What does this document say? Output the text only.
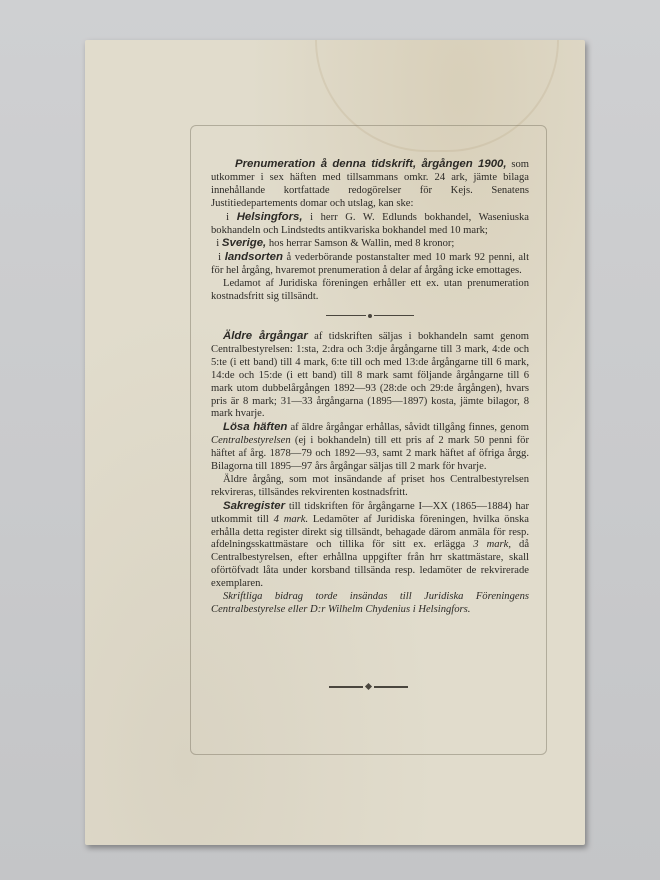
Prenumeration å denna tidskrift, årgången 1900, som utkommer i sex häften med tillsammans omkr. 24 ark, jämte bilaga innehållande kortfattade redogörelser för Kejs. Senatens Justitiedepartements domar och utslag, kan ske:

i Helsingfors, i herr G. W. Edlunds bokhandel, Waseniuska bokhandeln och Lindstedts antikvariska bokhandel med 10 mark;

i Sverige, hos herrar Samson & Wallin, med 8 kronor;

i landsorten å vederbörande postanstalter med 10 mark 92 penni, alt för hel årgång, hvaremot prenumeration å delar af årgång icke emottages.

Ledamot af Juridiska föreningen erhåller ett ex. utan prenumeration kostnadsfritt sig tillsändt.

Äldre årgångar af tidskriften säljas i bokhandeln samt genom Centralbestyrelsen: 1:sta, 2:dra och 3:dje årgångarne till 3 mark, 4:de och 5:te (i ett band) till 4 mark, 6:te till och med 13:de årgångarne till 6 mark, 14:de och 15:de (i ett band) till 8 mark samt följande årgångarne till 6 mark utom dubbelårgången 1892—93 (28:de och 29:de årgången), hvars pris är 8 mark; 31—33 årgångarna (1895—1897) kosta, jämte bilagor, 8 mark hvarje.

Lösa häften af äldre årgångar erhållas, såvidt tillgång finnes, genom Centralbestyrelsen (ej i bokhandeln) till ett pris af 2 mark 50 penni för häftet af årg. 1878—79 och 1892—93, samt 2 mark häftet af öfriga årgg. Bilagorna till 1895—97 års årgångar säljas till 2 mark för hvarje.

Äldre årgång, som mot insändande af priset hos Centralbestyrelsen rekvireras, tillsändes rekvirenten kostnadsfritt.

Sakregister till tidskriften för årgångarne I—XX (1865—1884) har utkommit till 4 mark. Ledamöter af Juridiska föreningen, hvilka önska erhålla detta register direkt sig tillsändt, behagade därom anmäla för resp. afdelningsskattmästare och tillika för sitt ex. erlägga 3 mark, då Centralbestyrelsen, efter erhållna uppgifter från hrr skattmästare, skall oförtöfvadt låta under korsband tillsända resp. ledamöter de rekvirerade exemplaren.

Skriftliga bidrag torde insändas till Juridiska Föreningens Centralbestyrelse eller D:r Wilhelm Chydenius i Helsingfors.
